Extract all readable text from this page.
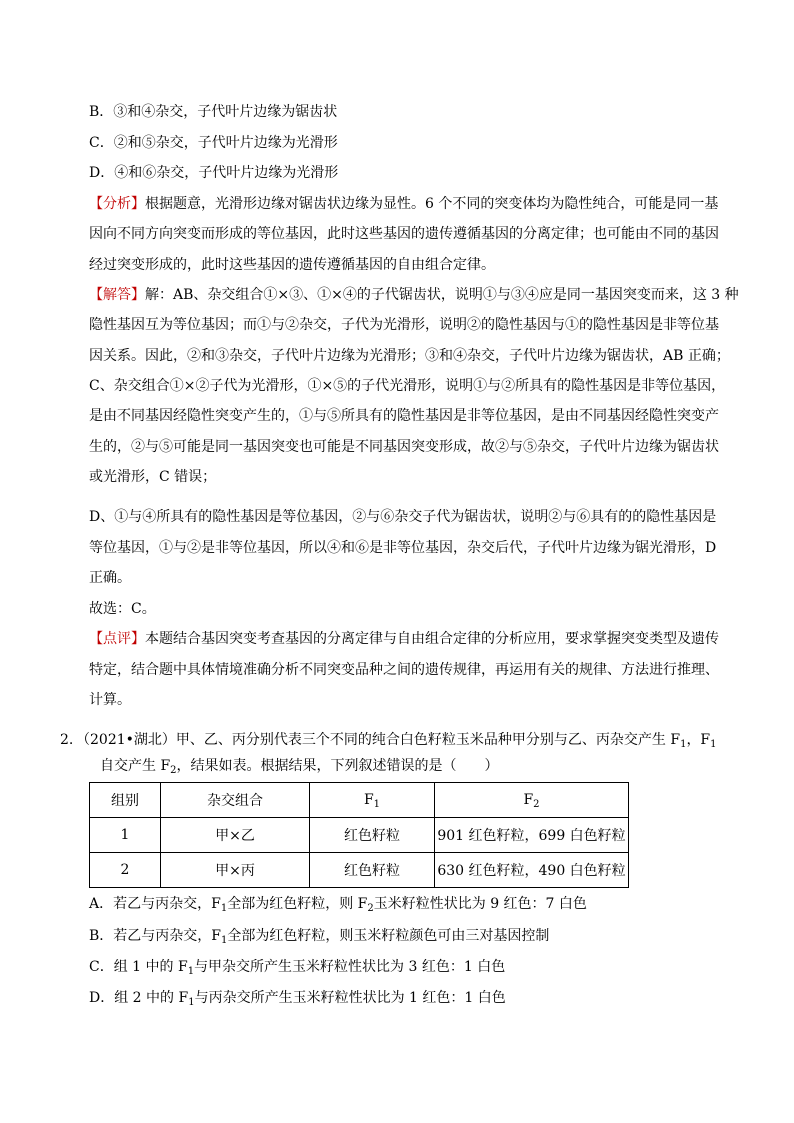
B．③和④杂交，子代叶片边缘为锯齿状
C．②和⑤杂交，子代叶片边缘为光滑形
D．④和⑥杂交，子代叶片边缘为光滑形
【分析】根据题意，光滑形边缘对锯齿状边缘为显性。6 个不同的突变体均为隐性纯合，可能是同一基
因向不同方向突变而形成的等位基因，此时这些基因的遗传遵循基因的分离定律；也可能由不同的基因
经过突变形成的，此时这些基因的遗传遵循基因的自由组合定律。
【解答】解：AB、杂交组合①×③、①×④的子代锯齿状，说明①与③④应是同一基因突变而来，这 3 种
隐性基因互为等位基因；而①与②杂交，子代为光滑形，说明②的隐性基因与①的隐性基因是非等位基
因关系。因此，②和③杂交，子代叶片边缘为光滑形；③和④杂交，子代叶片边缘为锯齿状，AB 正确；
C、杂交组合①×②子代为光滑形，①×⑤的子代光滑形，说明①与②所具有的隐性基因是非等位基因，
是由不同基因经隐性突变产生的，①与⑤所具有的隐性基因是非等位基因，是由不同基因经隐性突变产
生的，②与⑤可能是同一基因突变也可能是不同基因突变形成，故②与⑤杂交，子代叶片边缘为锯齿状
或光滑形，C 错误；
D、①与④所具有的隐性基因是等位基因，②与⑥杂交子代为锯齿状，说明②与⑥具有的的隐性基因是
等位基因，①与②是非等位基因，所以④和⑥是非等位基因，杂交后代，子代叶片边缘为锯光滑形，D
正确。
故选：C。
【点评】本题结合基因突变考查基因的分离定律与自由组合定律的分析应用，要求掌握突变类型及遗传
特定，结合题中具体情境准确分析不同突变品种之间的遗传规律，再运用有关的规律、方法进行推理、
计算。
2. （2021•湖北）甲、乙、丙分别代表三个不同的纯合白色籽粒玉米品种甲分别与乙、丙杂交产生 $F_1$，$F_1$
自交产生 $F_2$，结果如表。根据结果，下列叙述错误的是（　　）
组别	杂交组合	$F_1$	$F_2$
1	甲×乙	红色籽粒	901 红色籽粒，699 白色籽粒
2	甲×丙	红色籽粒	630 红色籽粒，490 白色籽粒
A．若乙与丙杂交，$F_1$全部为红色籽粒，则 $F_2$玉米籽粒性状比为 9 红色：7 白色
B．若乙与丙杂交，$F_1$全部为红色籽粒，则玉米籽粒颜色可由三对基因控制
C．组 1 中的 $F_1$与甲杂交所产生玉米籽粒性状比为 3 红色：1 白色
D．组 2 中的 $F_1$与丙杂交所产生玉米籽粒性状比为 1 红色：1 白色
